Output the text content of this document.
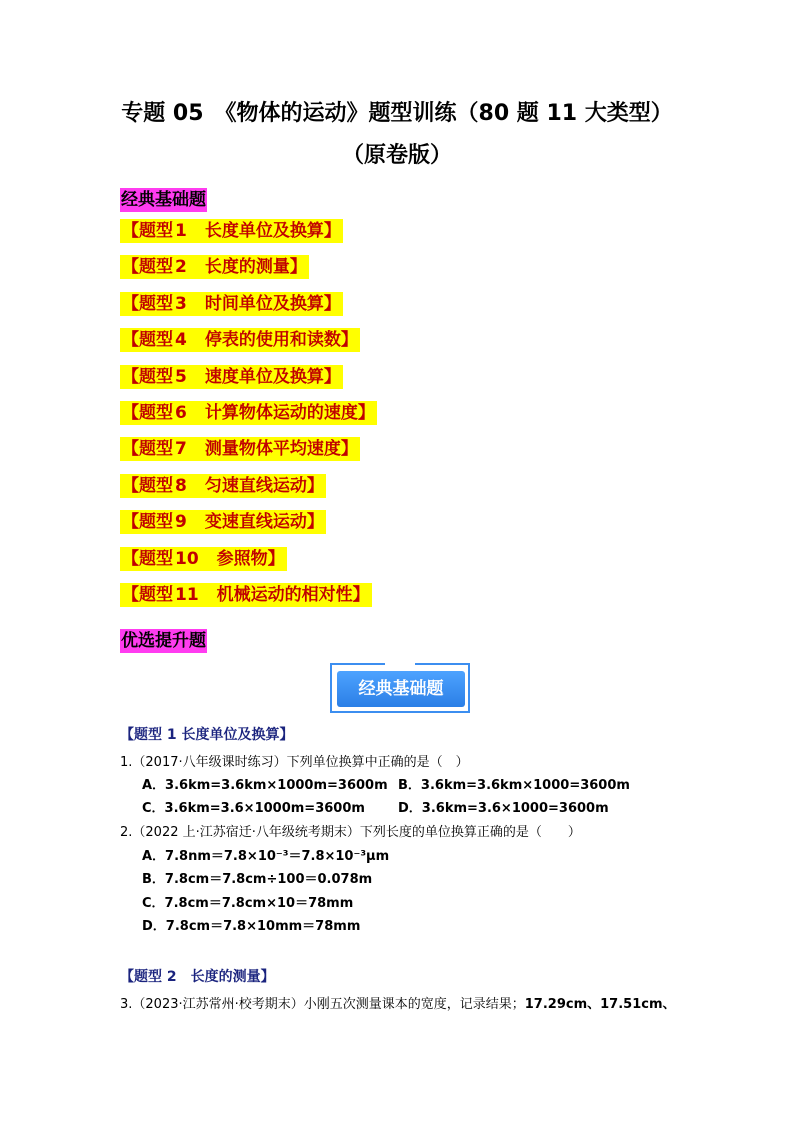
专题 05　《物体的运动》题型训练（80 题 11 大类型）
（原卷版）
经典基础题
【题型 1 长度单位及换算】
【题型 2 长度的测量】
【题型 3 时间单位及换算】
【题型 4 停表的使用和读数】
【题型 5 速度单位及换算】
【题型 6 计算物体运动的速度】
【题型 7 测量物体平均速度】
【题型 8 匀速直线运动】
【题型 9 变速直线运动】
【题型 10 参照物】
【题型 11 机械运动的相对性】
优选提升题
经典基础题
【题型 1 长度单位及换算】
1.（2017·八年级课时练习）下列单位换算中正确的是（　）
A．3.6km=3.6km×1000m=3600m B．3.6km=3.6km×1000=3600m
C．3.6km=3.6×1000m=3600m	D．3.6km=3.6×1000=3600m
2.（2022 上·江苏宿迁·八年级统考期末）下列长度的单位换算正确的是（　　）
A．7.8nm＝7.8×10⁻³＝7.8×10⁻³μm
B．7.8cm＝7.8cm÷100＝0.078m
C．7.8cm＝7.8cm×10＝78mm
D．7.8cm＝7.8×10mm＝78mm
【题型 2　长度的测量】
3.（2023·江苏常州·校考期末）小刚五次测量课本的宽度，记录结果；17.29cm、17.51cm、
